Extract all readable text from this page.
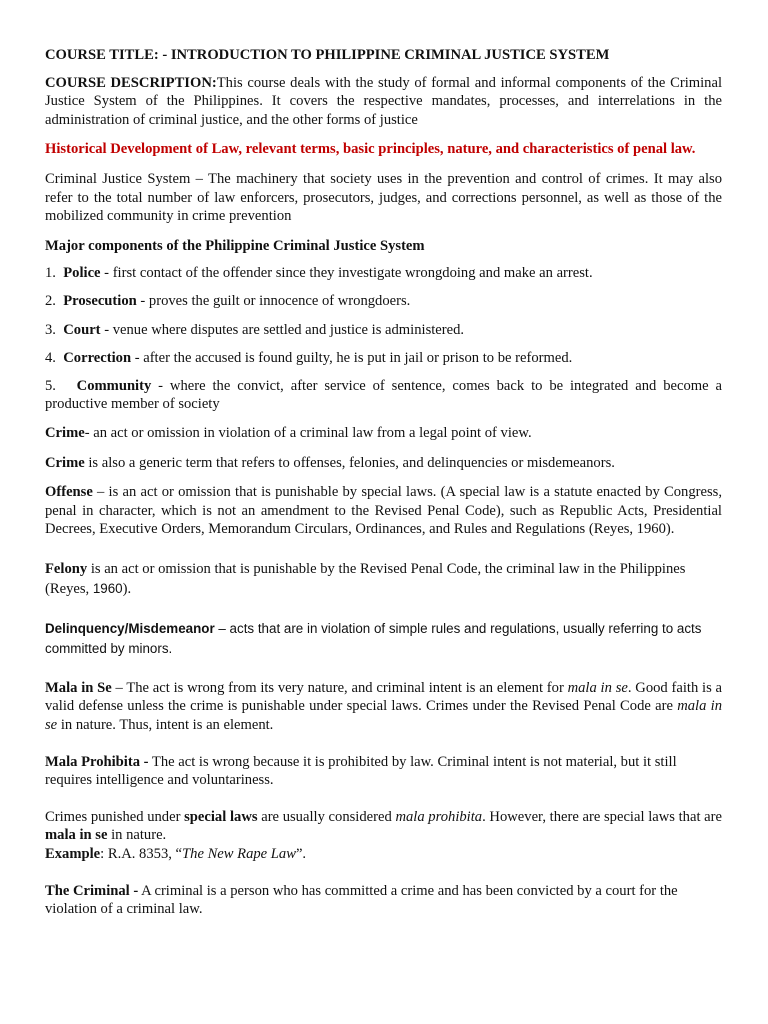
COURSE TITLE: - INTRODUCTION TO PHILIPPINE CRIMINAL JUSTICE SYSTEM

COURSE DESCRIPTION:This course deals with the study of formal and informal components of the Criminal Justice System of the Philippines. It covers the respective mandates, processes, and interrelations in the administration of criminal justice, and the other forms of justice

Historical Development of Law, relevant terms, basic principles, nature, and characteristics of penal law.

Criminal Justice System – The machinery that society uses in the prevention and control of crimes. It may also refer to the total number of law enforcers, prosecutors, judges, and corrections personnel, as well as those of the mobilized community in crime prevention

Major components of the Philippine Criminal Justice System

1. Police - first contact of the offender since they investigate wrongdoing and make an arrest.

2. Prosecution - proves the guilt or innocence of wrongdoers.

3. Court - venue where disputes are settled and justice is administered.

4. Correction - after the accused is found guilty, he is put in jail or prison to be reformed.

5. Community - where the convict, after service of sentence, comes back to be integrated and become a productive member of society

Crime- an act or omission in violation of a criminal law from a legal point of view.

Crime is also a generic term that refers to offenses, felonies, and delinquencies or misdemeanors.

Offense – is an act or omission that is punishable by special laws. (A special law is a statute enacted by Congress, penal in character, which is not an amendment to the Revised Penal Code), such as Republic Acts, Presidential Decrees, Executive Orders, Memorandum Circulars, Ordinances, and Rules and Regulations (Reyes, 1960).

Felony is an act or omission that is punishable by the Revised Penal Code, the criminal law in the Philippines (Reyes, 1960).

Delinquency/Misdemeanor – acts that are in violation of simple rules and regulations, usually referring to acts committed by minors.

Mala in Se – The act is wrong from its very nature, and criminal intent is an element for mala in se. Good faith is a valid defense unless the crime is punishable under special laws. Crimes under the Revised Penal Code are mala in se in nature. Thus, intent is an element.

Mala Prohibita - The act is wrong because it is prohibited by law. Criminal intent is not material, but it still requires intelligence and voluntariness.

Crimes punished under special laws are usually considered mala prohibita. However, there are special laws that are mala in se in nature.

Example: R.A. 8353, “The New Rape Law”.

The Criminal - A criminal is a person who has committed a crime and has been convicted by a court for the violation of a criminal law.
